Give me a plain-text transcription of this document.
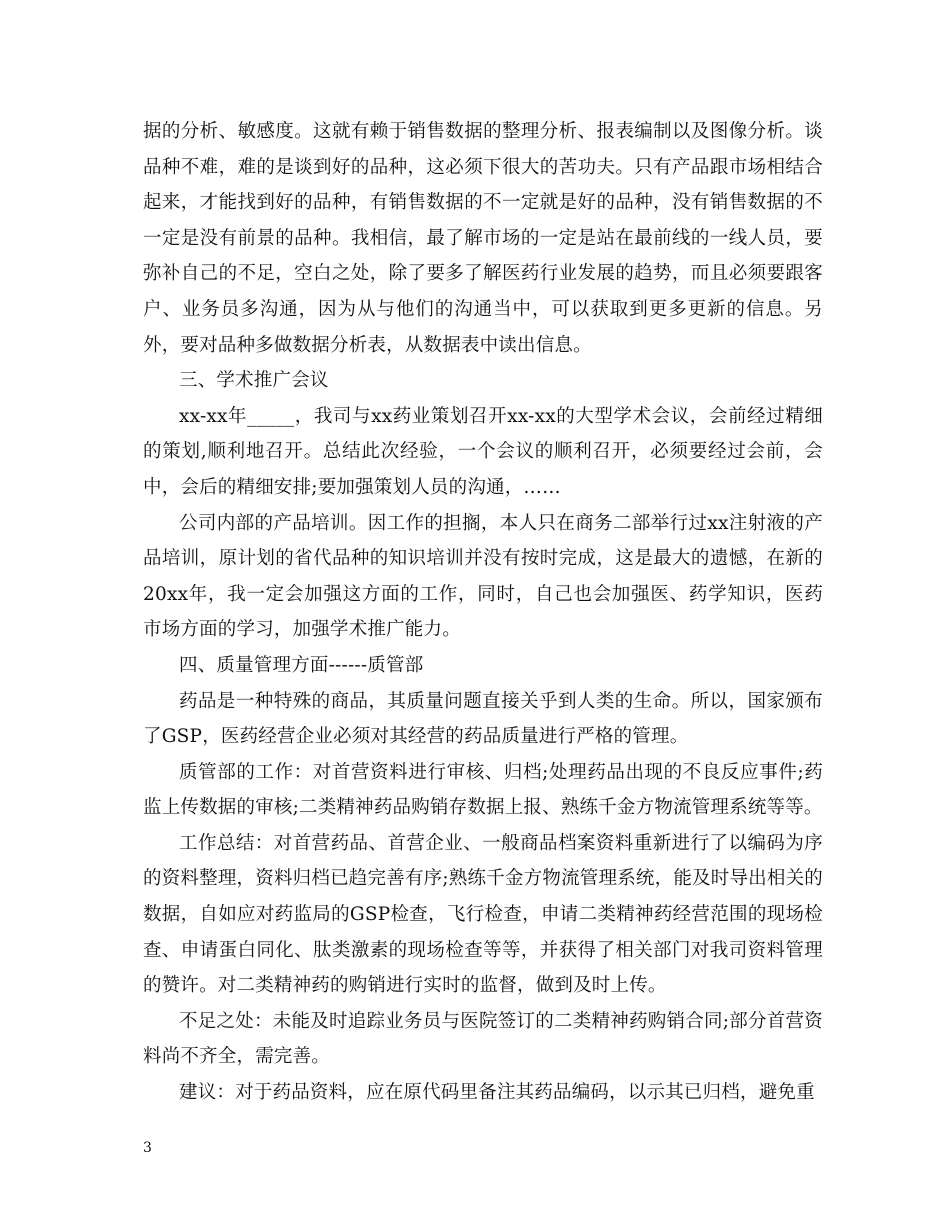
据的分析、敏感度。这就有赖于销售数据的整理分析、报表编制以及图像分析。谈品种不难，难的是谈到好的品种，这必须下很大的苦功夫。只有产品跟市场相结合起来，才能找到好的品种，有销售数据的不一定就是好的品种，没有销售数据的不一定是没有前景的品种。我相信，最了解市场的一定是站在最前线的一线人员，要弥补自己的不足，空白之处，除了要多了解医药行业发展的趋势，而且必须要跟客户、业务员多沟通，因为从与他们的沟通当中，可以获取到更多更新的信息。另外，要对品种多做数据分析表，从数据表中读出信息。

三、学术推广会议

xx-xx年_____，我司与xx药业策划召开xx-xx的大型学术会议，会前经过精细的策划,顺利地召开。总结此次经验，一个会议的顺利召开，必须要经过会前，会中，会后的精细安排;要加强策划人员的沟通，……

公司内部的产品培训。因工作的担搁，本人只在商务二部举行过xx注射液的产品培训，原计划的省代品种的知识培训并没有按时完成，这是最大的遗憾，在新的20xx年，我一定会加强这方面的工作，同时，自己也会加强医、药学知识，医药市场方面的学习，加强学术推广能力。

四、质量管理方面------质管部

药品是一种特殊的商品，其质量问题直接关乎到人类的生命。所以，国家颁布了GSP，医药经营企业必须对其经营的药品质量进行严格的管理。

质管部的工作：对首营资料进行审核、归档;处理药品出现的不良反应事件;药监上传数据的审核;二类精神药品购销存数据上报、熟练千金方物流管理系统等等。

工作总结：对首营药品、首营企业、一般商品档案资料重新进行了以编码为序的资料整理，资料归档已趋完善有序;熟练千金方物流管理系统，能及时导出相关的数据，自如应对药监局的GSP检查，飞行检查，申请二类精神药经营范围的现场检查、申请蛋白同化、肽类激素的现场检查等等，并获得了相关部门对我司资料管理的赞许。对二类精神药的购销进行实时的监督，做到及时上传。

不足之处：未能及时追踪业务员与医院签订的二类精神药购销合同;部分首营资料尚不齐全，需完善。

建议：对于药品资料，应在原代码里备注其药品编码，以示其已归档，避免重

3
